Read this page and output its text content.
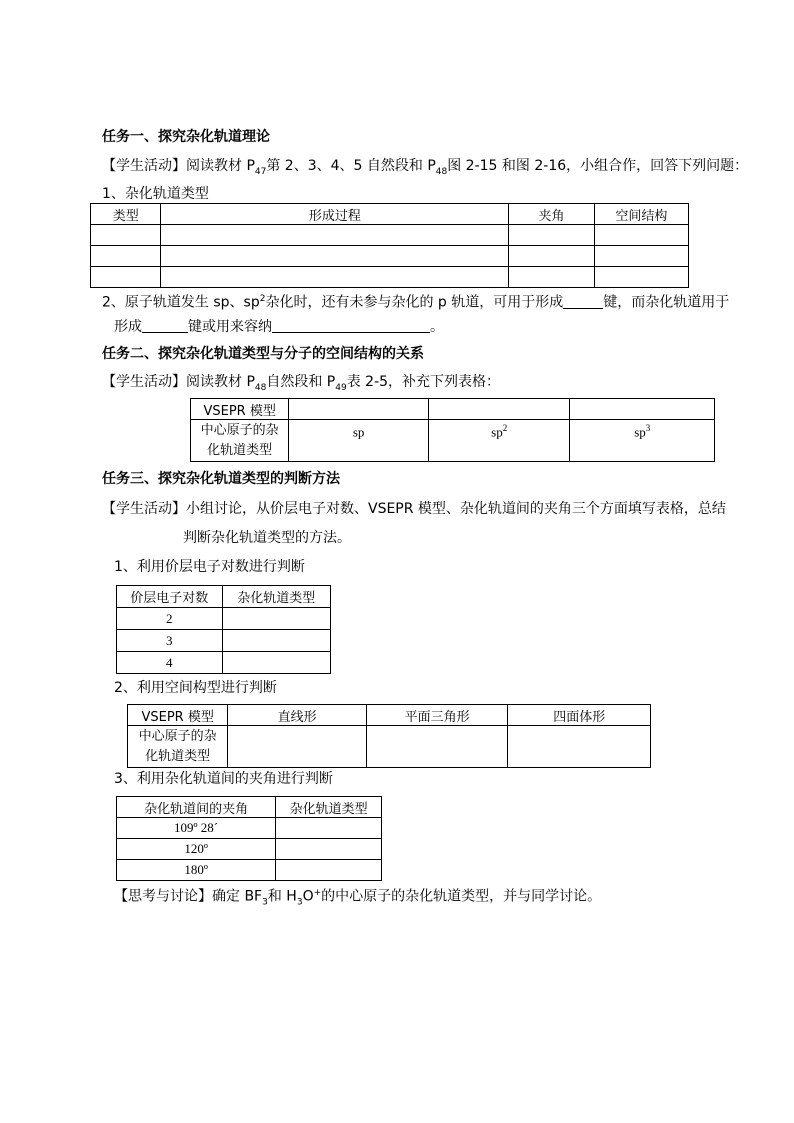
任务一、探究杂化轨道理论
【学生活动】阅读教材 $P_{47}$第 2、3、4、5 自然段和 $P_{48}$图 2-15 和图 2-16，小组合作，回答下列问题：
1、杂化轨道类型
类型	形成过程	夹角	空间结构

2、原子轨道发生 sp、$sp^2$杂化时，还有未参与杂化的 p 轨道，可用于形成	键，而杂化轨道用于
形成	键或用来容纳	。
任务二、探究杂化轨道类型与分子的空间结构的关系
【学生活动】阅读教材 $P_{48}$自然段和 $P_{49}$表 2-5，补充下列表格：
VSEPR 模型			

中心原子的杂
化轨道类型	sp	$sp^2$	$sp^3$
任务三、探究杂化轨道类型的判断方法
【学生活动】小组讨论，从价层电子对数、VSEPR 模型、杂化轨道间的夹角三个方面填写表格，总结
判断杂化轨道类型的方法。
1、利用价层电子对数进行判断
价层电子对数	杂化轨道类型
2	
3	
4	
2、利用空间构型进行判断
VSEPR 模型	直线形	平面三角形	四面体形

中心原子的杂
化轨道类型			

3、利用杂化轨道间的夹角进行判断
杂化轨道间的夹角	杂化轨道类型
109º 28´	
120º	
180º	
【思考与讨论】确定 $BF_3$和 $H_3O^+$的中心原子的杂化轨道类型，并与同学讨论。
